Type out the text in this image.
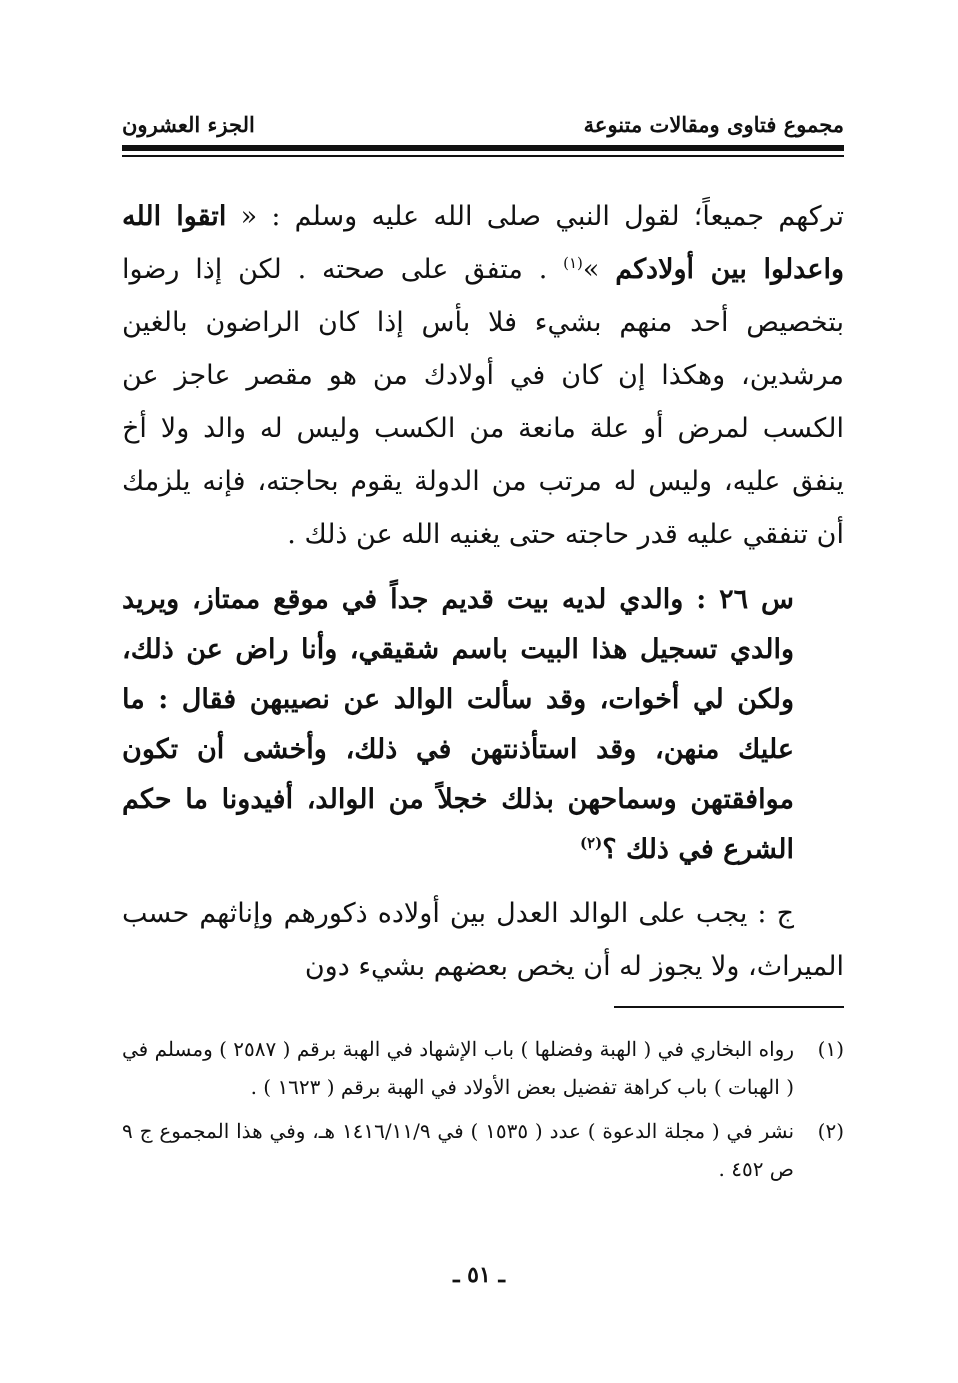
مجموع فتاوى ومقالات متنوعة
الجزء العشرون

تركهم جميعاً؛ لقول النبي صلى الله عليه وسلم : « اتقوا الله واعدلوا بين أولادكم »$^{(١)}$ . متفق على صحته . لكن إذا رضوا بتخصيص أحد منهم بشيء فلا بأس إذا كان الراضون بالغين مرشدين، وهكذا إن كان في أولادك من هو مقصر عاجز عن الكسب لمرض أو علة مانعة من الكسب وليس له والد ولا أخ ينفق عليه، وليس له مرتب من الدولة يقوم بحاجته، فإنه يلزمك أن تنفقي عليه قدر حاجته حتى يغنيه الله عن ذلك .

س ٢٦ : والدي لديه بيت قديم جداً في موقع ممتاز، ويريد والدي تسجيل هذا البيت باسم شقيقي، وأنا راض عن ذلك، ولكن لي أخوات، وقد سألت الوالد عن نصيبهن فقال : ما عليك منهن، وقد استأذنتهن في ذلك، وأخشى أن تكون موافقتهن وسماحهن بذلك خجلاً من الوالد، أفيدونا ما حكم الشرع في ذلك ؟$^{(٢)}$

ج : يجب على الوالد العدل بين أولاده ذكورهم وإناثهم حسب الميراث، ولا يجوز له أن يخص بعضهم بشيء دون

(١)
رواه البخاري في ( الهبة وفضلها ) باب الإشهاد في الهبة برقم ( ٢٥٨٧ ) ومسلم في ( الهبات ) باب كراهة تفضيل بعض الأولاد في الهبة برقم ( ١٦٢٣ ) .
(٢)
نشر في ( مجلة الدعوة ) عدد ( ١٥٣٥ ) في ١٤١٦/١١/٩ هـ، وفي هذا المجموع ج ٩ ص ٤٥٢ .
ـ ٥١ ـ
